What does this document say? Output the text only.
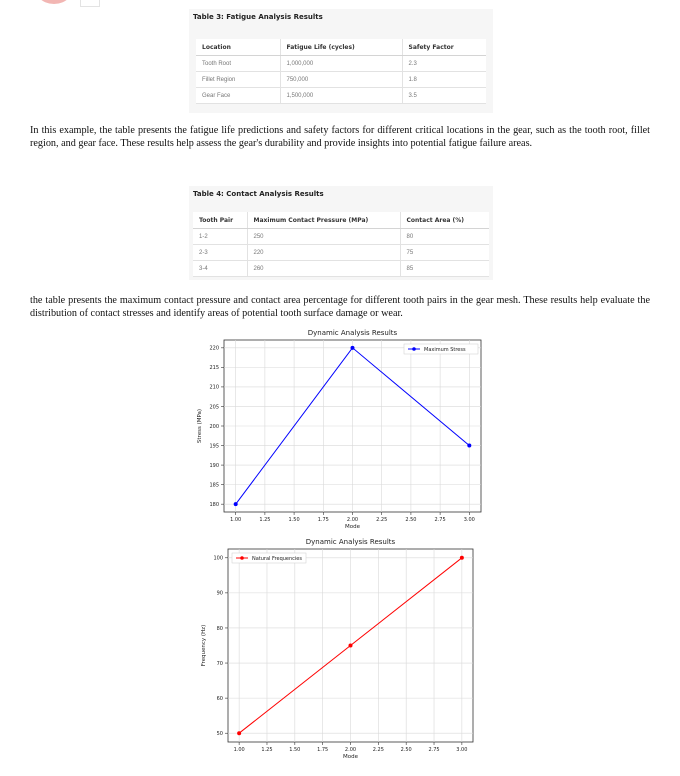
Table 3: Fatigue Analysis Results
Location	Fatigue Life (cycles)	Safety Factor
Tooth Root	1,000,000	2.3
Fillet Region	750,000	1.8
Gear Face	1,500,000	3.5

In this example, the table presents the fatigue life predictions and safety factors for different critical locations in the gear, such as the tooth root, fillet region, and gear face. These results help assess the gear's durability and provide insights into potential fatigue failure areas.

Table 4: Contact Analysis Results
Tooth Pair	Maximum Contact Pressure (MPa)	Contact Area (%)
1-2	250	80
2-3	220	75
3-4	260	85

the table presents the maximum contact pressure and contact area percentage for different tooth pairs in the gear mesh. These results help evaluate the distribution of contact stresses and identify areas of potential tooth surface damage or wear.

Dynamic Analysis Results
1.00	1.25	1.50	1.75	2.00	2.25	2.50	2.75	3.00
180
185
190
195
200
205
210
215
220
Mode
Stress (MPa)
Maximum Stress
Dynamic Analysis Results
1.00	1.25	1.50	1.75	2.00	2.25	2.50	2.75	3.00
50
60
70
80
90
100
Mode
Frequency (Hz)
Natural Frequencies
